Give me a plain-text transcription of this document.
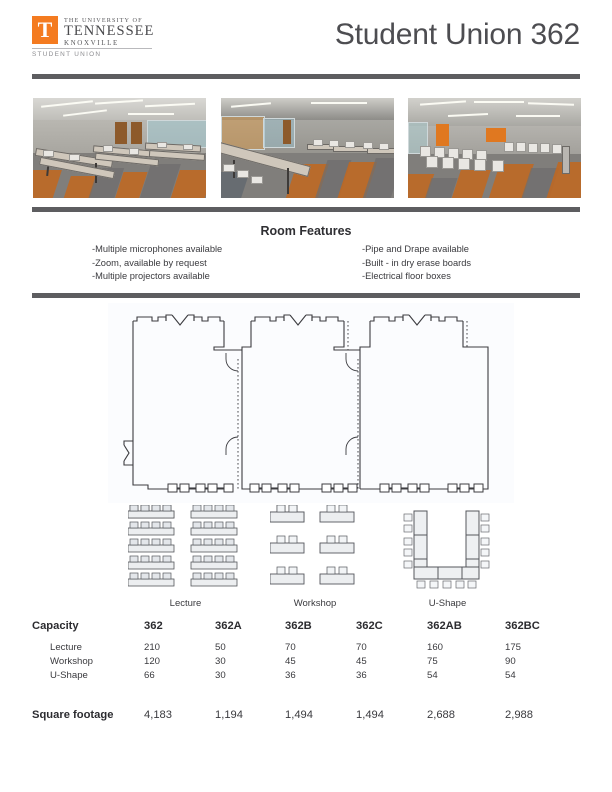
T	THE UNIVERSITY OF
TENNESSEE
KNOXVILLE
STUDENT UNION
Student Union 362
Room Features
-Multiple microphones available
-Zoom, available by request
-Multiple projectors available
-Pipe and Drape available
-Built - in dry erase boards
-Electrical floor boxes
Lecture	Workshop	U-Shape
Capacity	362	362A	362B	362C	362AB	362BC
Lecture	210	50	70	70	160	175
Workshop	120	30	45	45	75	90
U-Shape	66	30	36	36	54	54
Square footage	4,183	1,194	1,494	1,494	2,688	2,988
